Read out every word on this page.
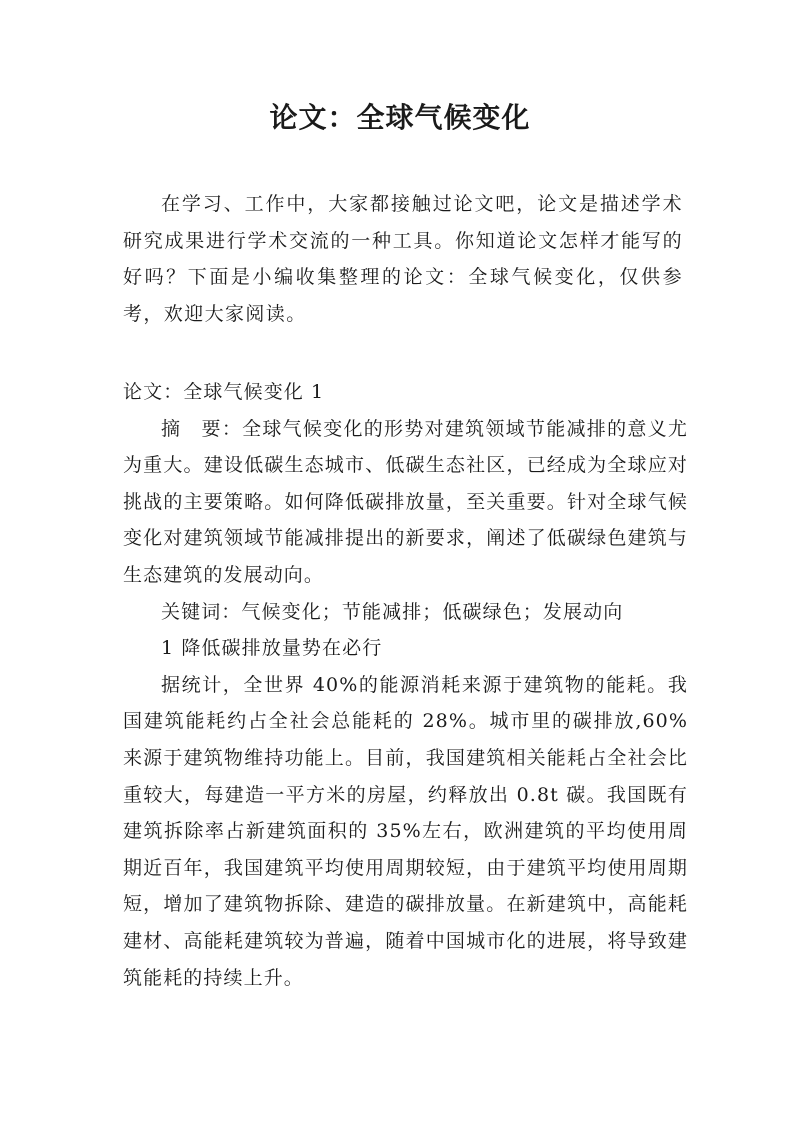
论文：全球气候变化

在学习、工作中，大家都接触过论文吧，论文是描述学术研究成果进行学术交流的一种工具。你知道论文怎样才能写的好吗？下面是小编收集整理的论文：全球气候变化，仅供参考，欢迎大家阅读。

论文：全球气候变化 1

摘　要：全球气候变化的形势对建筑领域节能减排的意义尤为重大。建设低碳生态城市、低碳生态社区，已经成为全球应对挑战的主要策略。如何降低碳排放量，至关重要。针对全球气候变化对建筑领域节能减排提出的新要求，阐述了低碳绿色建筑与生态建筑的发展动向。

关键词：气候变化；节能减排；低碳绿色；发展动向

1 降低碳排放量势在必行

据统计，全世界 40%的能源消耗来源于建筑物的能耗。我国建筑能耗约占全社会总能耗的 28%。城市里的碳排放,60%来源于建筑物维持功能上。目前，我国建筑相关能耗占全社会比重较大，每建造一平方米的房屋，约释放出 0.8t 碳。我国既有建筑拆除率占新建筑面积的 35%左右，欧洲建筑的平均使用周期近百年，我国建筑平均使用周期较短，由于建筑平均使用周期短，增加了建筑物拆除、建造的碳排放量。在新建筑中，高能耗建材、高能耗建筑较为普遍，随着中国城市化的进展，将导致建筑能耗的持续上升。
